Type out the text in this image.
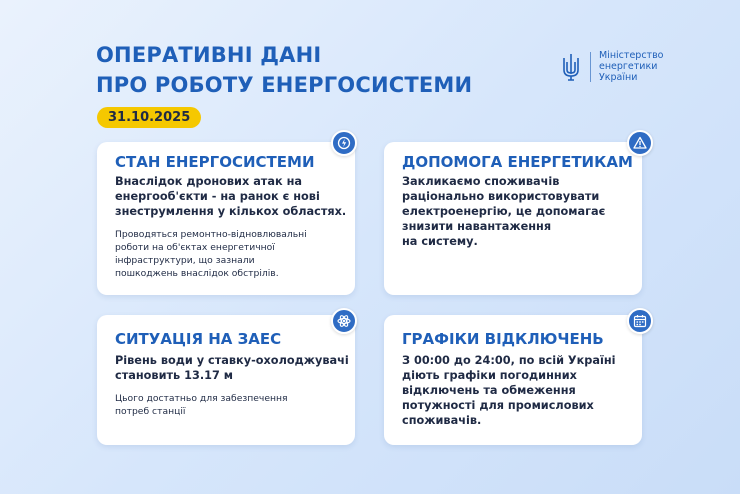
ОПЕРАТИВНІ ДАНІ
ПРО РОБОТУ ЕНЕРГОСИСТЕМИ
31.10.2025
Міністерство
енергетики
України
СТАН ЕНЕРГОСИСТЕМИ
Внаслідок дронових атак на
енергооб'єкти - на ранок є нові
знеструмлення у кількох областях.
Проводяться ремонтно-відновлювальні
роботи на об'єктах енергетичної
інфраструктури, що зазнали
пошкоджень внаслідок обстрілів.
ДОПОМОГА ЕНЕРГЕТИКАМ
Закликаємо споживачів
раціонально використовувати
електроенергію, це допомагає
знизити навантаження
на систему.
СИТУАЦІЯ НА ЗАЕС
Рівень води у ставку-охолоджувачі
становить 13.17 м
Цього достатньо для забезпечення
потреб станції
ГРАФІКИ ВІДКЛЮЧЕНЬ
З 00:00 до 24:00, по всій Україні
діють графіки погодинних
відключень та обмеження
потужності для промислових
споживачів.
